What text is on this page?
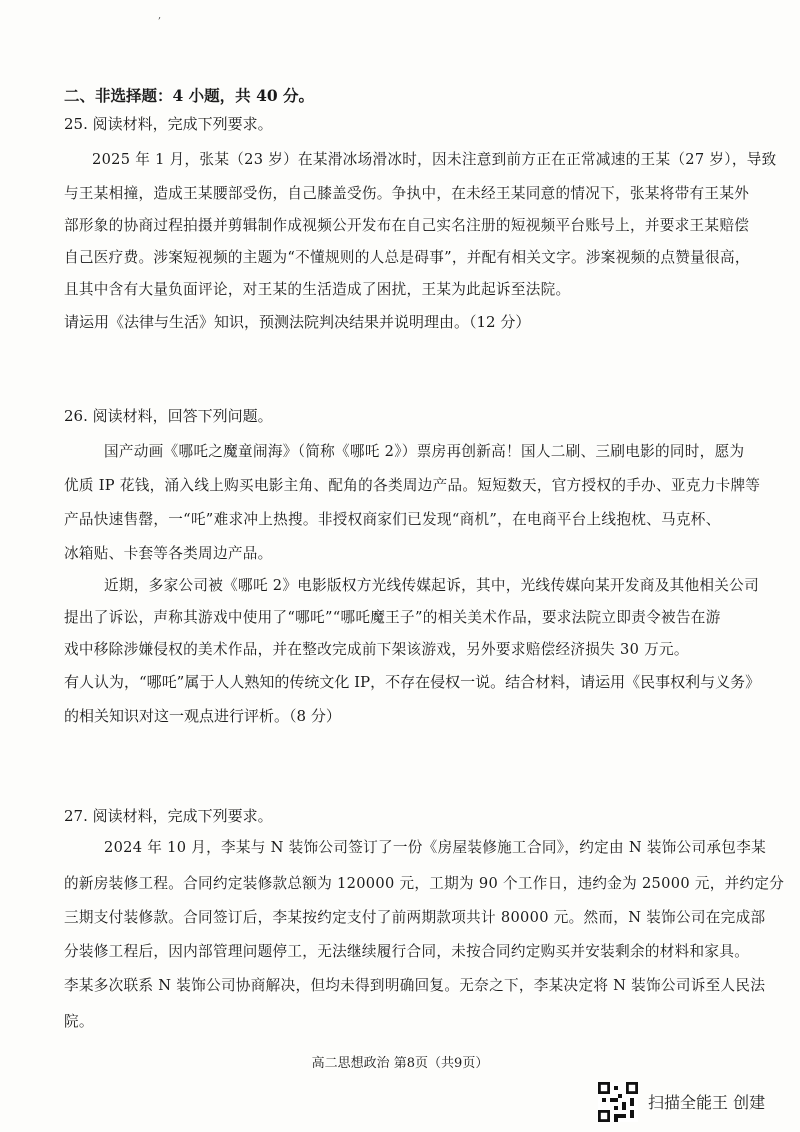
,
二、非选择题：4 小题，共 40 分。
25. 阅读材料，完成下列要求。
2025 年 1 月，张某（23 岁）在某滑冰场滑冰时，因未注意到前方正在正常减速的王某（27 岁），导致
与王某相撞，造成王某腰部受伤，自己膝盖受伤。争执中，在未经王某同意的情况下，张某将带有王某外
部形象的协商过程拍摄并剪辑制作成视频公开发布在自己实名注册的短视频平台账号上，并要求王某赔偿
自己医疗费。涉案短视频的主题为“不懂规则的人总是碍事”，并配有相关文字。涉案视频的点赞量很高，
且其中含有大量负面评论，对王某的生活造成了困扰，王某为此起诉至法院。
请运用《法律与生活》知识，预测法院判决结果并说明理由。（12 分）
26. 阅读材料，回答下列问题。
国产动画《哪吒之魔童闹海》（简称《哪吒 2》）票房再创新高！国人二刷、三刷电影的同时，愿为
优质 IP 花钱，涌入线上购买电影主角、配角的各类周边产品。短短数天，官方授权的手办、亚克力卡牌等
产品快速售罄，一“吒”难求冲上热搜。非授权商家们已发现“商机”，在电商平台上线抱枕、马克杯、
冰箱贴、卡套等各类周边产品。
近期，多家公司被《哪吒 2》电影版权方光线传媒起诉，其中，光线传媒向某开发商及其他相关公司
提出了诉讼，声称其游戏中使用了“哪吒”“哪吒魔王子”的相关美术作品，要求法院立即责令被告在游
戏中移除涉嫌侵权的美术作品，并在整改完成前下架该游戏，另外要求赔偿经济损失 30 万元。
有人认为，“哪吒”属于人人熟知的传统文化 IP，不存在侵权一说。结合材料，请运用《民事权利与义务》
的相关知识对这一观点进行评析。（8 分）
27. 阅读材料，完成下列要求。
2024 年 10 月，李某与 N 装饰公司签订了一份《房屋装修施工合同》，约定由 N 装饰公司承包李某
的新房装修工程。合同约定装修款总额为 120000 元，工期为 90 个工作日，违约金为 25000 元，并约定分
三期支付装修款。合同签订后，李某按约定支付了前两期款项共计 80000 元。然而，N 装饰公司在完成部
分装修工程后，因内部管理问题停工，无法继续履行合同，未按合同约定购买并安装剩余的材料和家具。
李某多次联系 N 装饰公司协商解决，但均未得到明确回复。无奈之下，李某决定将 N 装饰公司诉至人民法
院。
高二思想政治 第8页（共9页）
扫描全能王 创建
